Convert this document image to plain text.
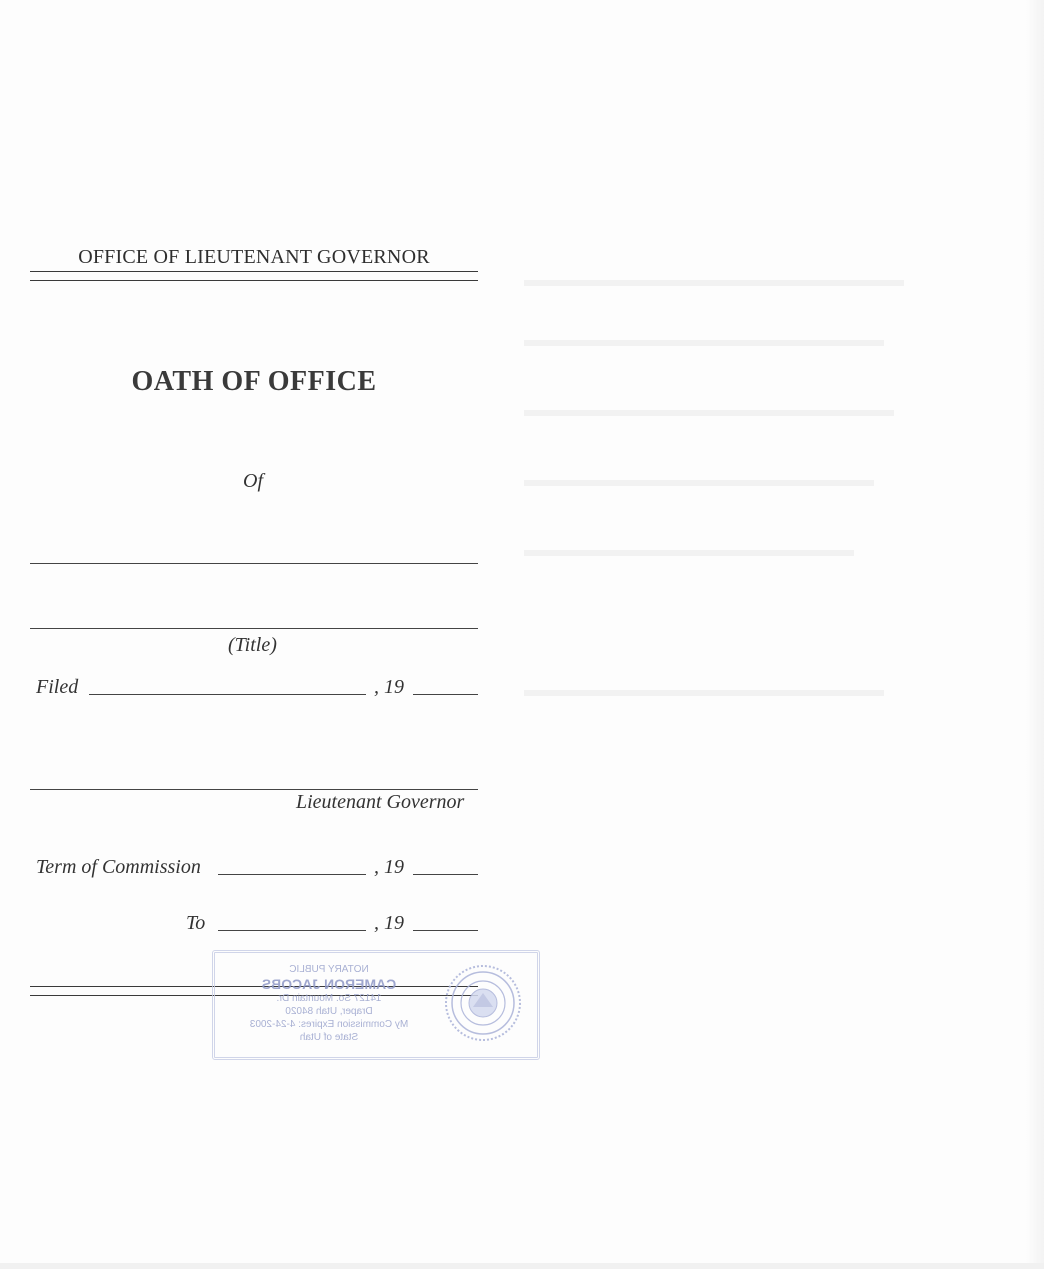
OFFICE OF LIEUTENANT GOVERNOR
OATH OF OFFICE
Of
(Title)
Filed	, 19
Lieutenant Governor
Term of Commission	, 19
To	, 19
NOTARY PUBLIC
CAMERON JACOBS
14127 So. Mountain Dr.
Draper, Utah 84020
My Commission Expires: 4-24-2003
State of Utah
